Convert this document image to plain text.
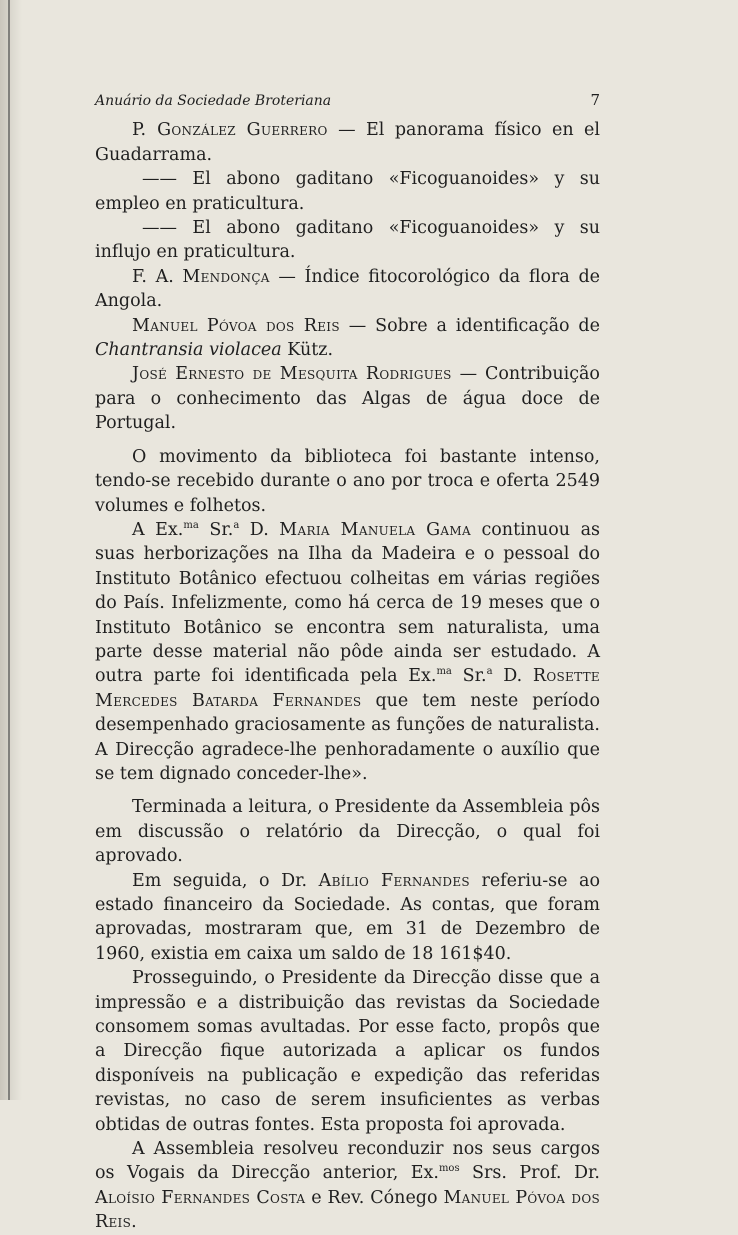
Anuário da Sociedade Broteriana	7

P. González Guerrero — El panorama físico en el Guadarrama.

—— El abono gaditano «Ficoguanoides» y su empleo en praticultura.

—— El abono gaditano «Ficoguanoides» y su influjo en praticultura.

F. A. Mendonça — Índice fitocorológico da flora de Angola.

Manuel Póvoa dos Reis — Sobre a identificação de Chantransia violacea Kütz.

José Ernesto de Mesquita Rodrigues — Contribuição para o conhecimento das Algas de água doce de Portugal.

O movimento da biblioteca foi bastante intenso, tendo-se recebido durante o ano por troca e oferta 2549 volumes e folhetos.

A Ex.$^{ma}$ Sr.$^a$ D. Maria Manuela Gama continuou as suas herborizações na Ilha da Madeira e o pessoal do Instituto Botânico efectuou colheitas em várias regiões do País. Infelizmente, como há cerca de 19 meses que o Instituto Botânico se encontra sem naturalista, uma parte desse material não pôde ainda ser estudado. A outra parte foi identificada pela Ex.$^{ma}$ Sr.$^a$ D. Rosette Mercedes Batarda Fernandes que tem neste período desempenhado graciosamente as funções de naturalista. A Direcção agradece-lhe penhoradamente o auxílio que se tem dignado conceder-lhe».

Terminada a leitura, o Presidente da Assembleia pôs em discussão o relatório da Direcção, o qual foi aprovado.

Em seguida, o Dr. Abílio Fernandes referiu-se ao estado financeiro da Sociedade. As contas, que foram aprovadas, mostraram que, em 31 de Dezembro de 1960, existia em caixa um saldo de 18 161$40.

Prosseguindo, o Presidente da Direcção disse que a impressão e a distribuição das revistas da Sociedade consomem somas avultadas. Por esse facto, propôs que a Direcção fique autorizada a aplicar os fundos disponíveis na publicação e expedição das referidas revistas, no caso de serem insuficientes as verbas obtidas de outras fontes. Esta proposta foi aprovada.

A Assembleia resolveu reconduzir nos seus cargos os Vogais da Direcção anterior, Ex.$^{mos}$ Srs. Prof. Dr. Aloísio Fernandes Costa e Rev. Cónego Manuel Póvoa dos Reis.
